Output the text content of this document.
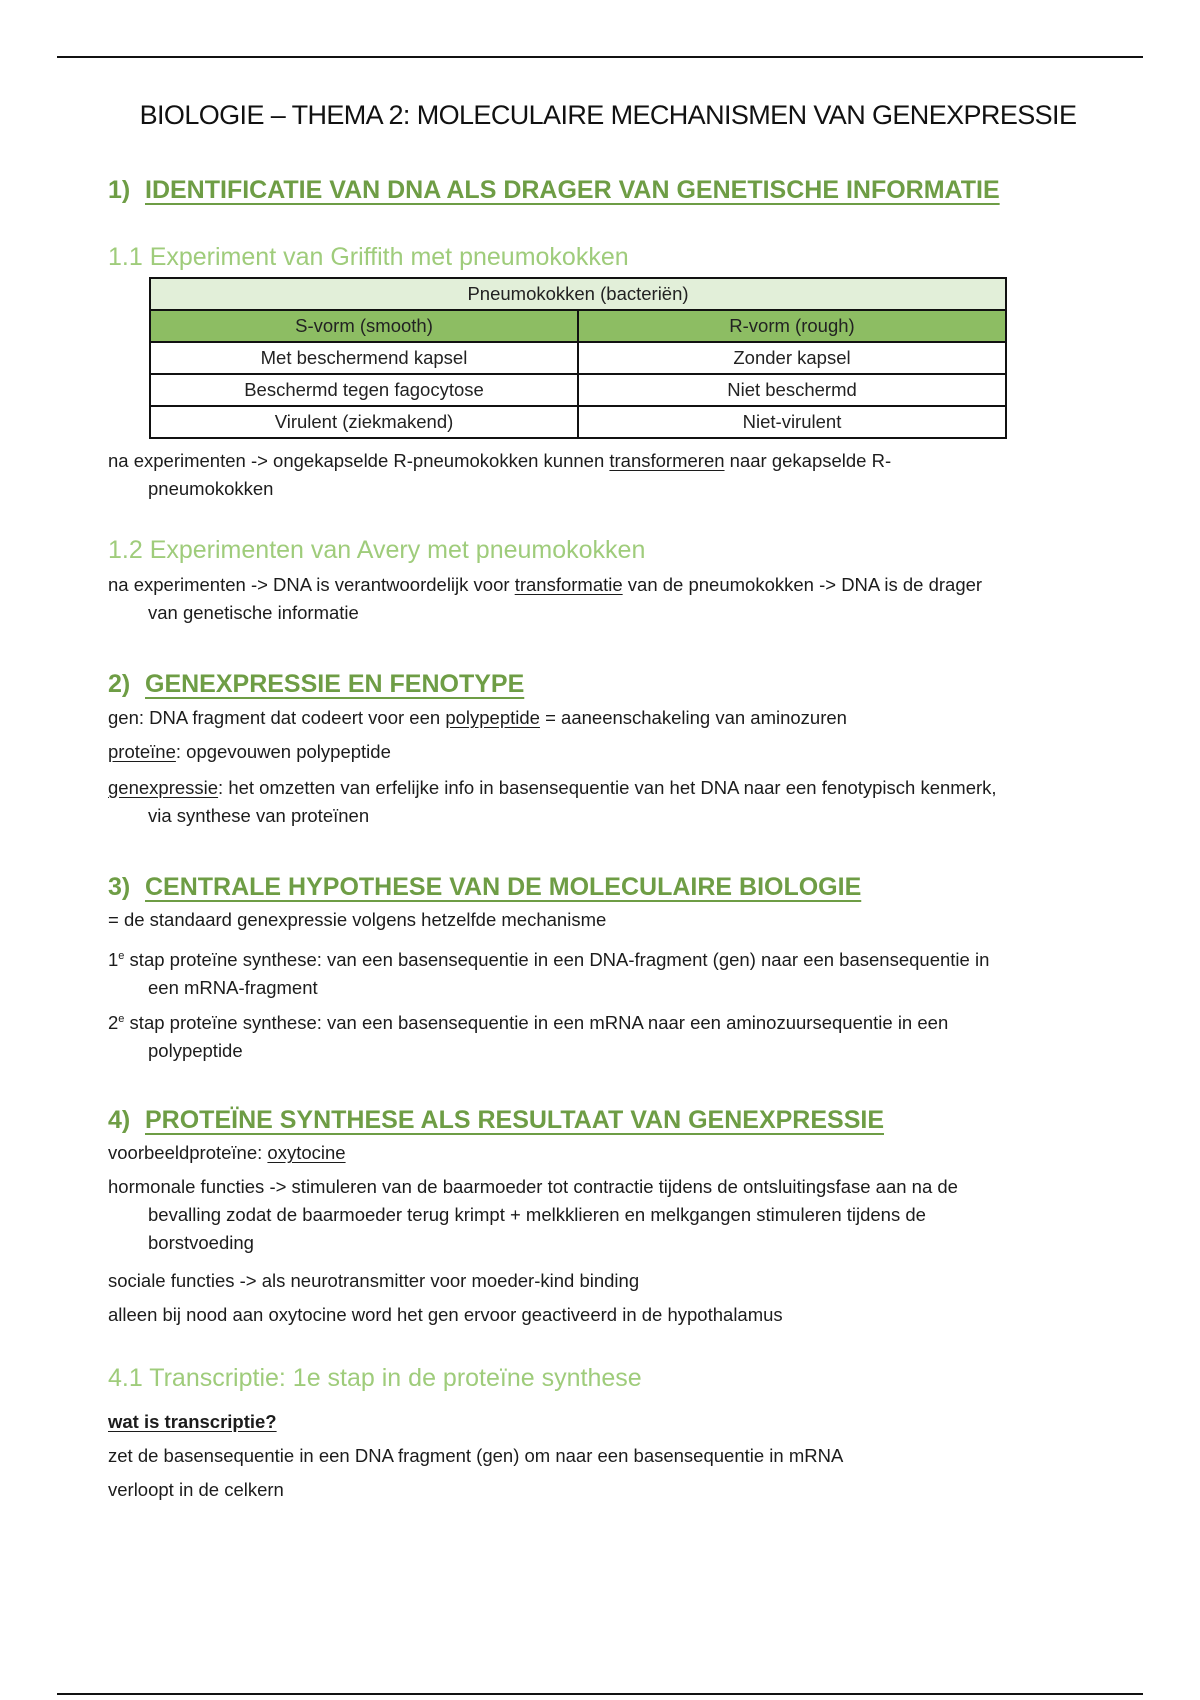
BIOLOGIE – THEMA 2: MOLECULAIRE MECHANISMEN VAN GENEXPRESSIE
1) IDENTIFICATIE VAN DNA ALS DRAGER VAN GENETISCHE INFORMATIE
1.1 Experiment van Griffith met pneumokokken
Pneumokokken (bacteriën)	
S-vorm (smooth)	R-vorm (rough)
Met beschermend kapsel	Zonder kapsel
Beschermd tegen fagocytose	Niet beschermd
Virulent (ziekmakend)	Niet-virulent
na experimenten -> ongekapselde R-pneumokokken kunnen transformeren naar gekapselde R-
pneumokokken
1.2 Experimenten van Avery met pneumokokken
na experimenten -> DNA is verantwoordelijk voor transformatie van de pneumokokken -> DNA is de drager
van genetische informatie
2) GENEXPRESSIE EN FENOTYPE
gen: DNA fragment dat codeert voor een polypeptide = aaneenschakeling van aminozuren
proteïne: opgevouwen polypeptide
genexpressie: het omzetten van erfelijke info in basensequentie van het DNA naar een fenotypisch kenmerk,
via synthese van proteïnen
3) CENTRALE HYPOTHESE VAN DE MOLECULAIRE BIOLOGIE
= de standaard genexpressie volgens hetzelfde mechanisme
1e stap proteïne synthese: van een basensequentie in een DNA-fragment (gen) naar een basensequentie in
een mRNA-fragment
2e stap proteïne synthese: van een basensequentie in een mRNA naar een aminozuursequentie in een
polypeptide
4) PROTEÏNE SYNTHESE ALS RESULTAAT VAN GENEXPRESSIE
voorbeeldproteïne: oxytocine
hormonale functies -> stimuleren van de baarmoeder tot contractie tijdens de ontsluitingsfase aan na de
bevalling zodat de baarmoeder terug krimpt + melkklieren en melkgangen stimuleren tijdens de
borstvoeding
sociale functies -> als neurotransmitter voor moeder-kind binding
alleen bij nood aan oxytocine word het gen ervoor geactiveerd in de hypothalamus
4.1 Transcriptie: 1e stap in de proteïne synthese
wat is transcriptie?
zet de basensequentie in een DNA fragment (gen) om naar een basensequentie in mRNA
verloopt in de celkern
